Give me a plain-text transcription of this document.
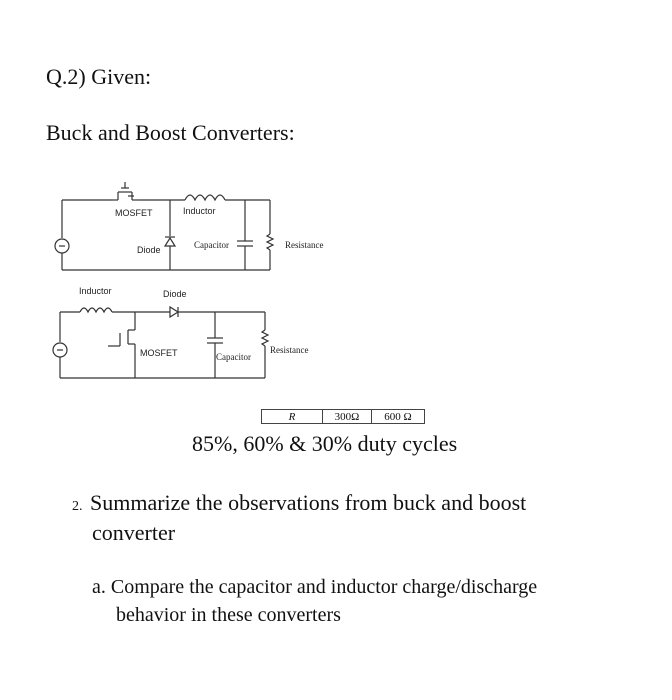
Q.2) Given:
Buck and Boost Converters:
MOSFET	Inductor
Diode	Capacitor	Resistance
Inductor	Diode
MOSFET	Capacitor
Resistance
R	300Ω	600 Ω
85%, 60% & 30% duty cycles
2. Summarize the observations from buck and boost
converter
a. Compare the capacitor and inductor charge/discharge
behavior in these converters
